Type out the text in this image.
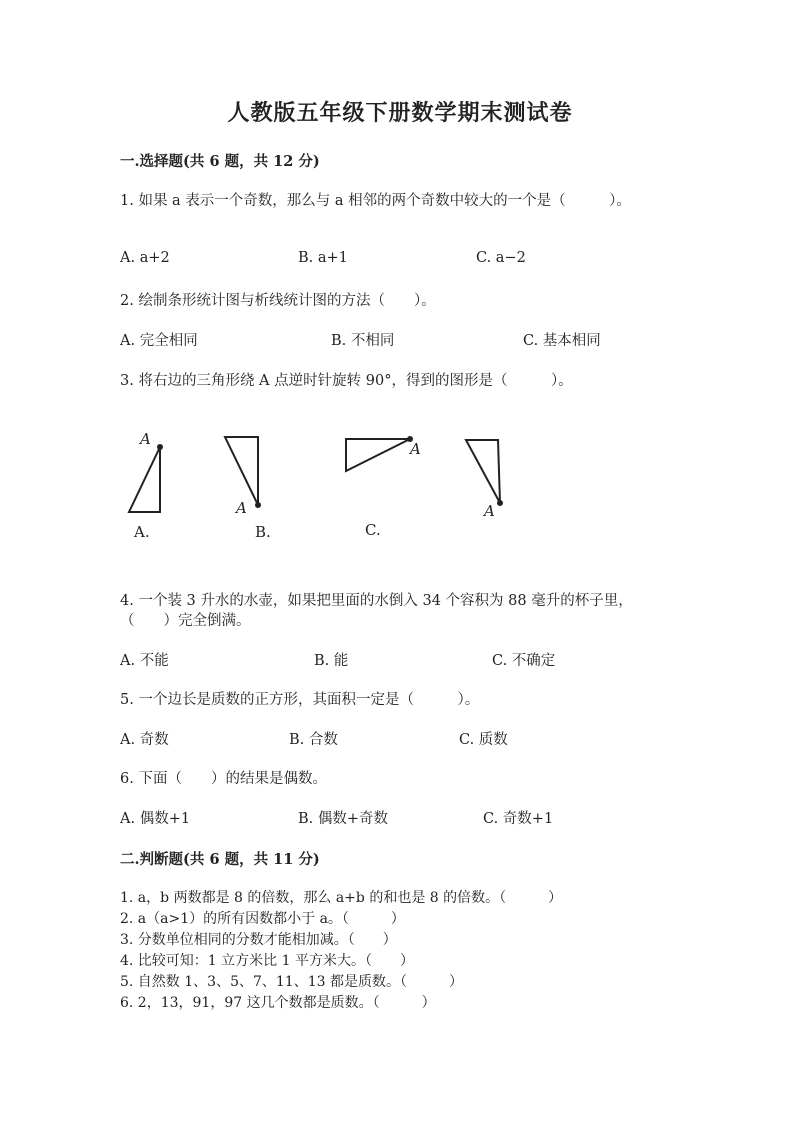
人教版五年级下册数学期末测试卷
一.选择题(共 6 题，共 12 分)
1. 如果 a 表示一个奇数，那么与 a 相邻的两个奇数中较大的一个是（　　　）。
A. a+2	B. a+1	C. a−2
2. 绘制条形统计图与析线统计图的方法（　　）。
A. 完全相同	B. 不相同	C. 基本相同
3. 将右边的三角形绕 A 点逆时针旋转 90°，得到的图形是（　　　）。
A
A
A
A
A.	B.	C.
4. 一个装 3 升水的水壶，如果把里面的水倒入 34 个容积为 88 毫升的杯子里，
（　　）完全倒满。
A. 不能	B. 能	C. 不确定
5. 一个边长是质数的正方形，其面积一定是（　　　）。
A. 奇数	B. 合数	C. 质数
6. 下面（　　）的结果是偶数。
A. 偶数+1	B. 偶数+奇数	C. 奇数+1
二.判断题(共 6 题，共 11 分)
1. a，b 两数都是 8 的倍数，那么 a+b 的和也是 8 的倍数。（　　　）
2. a（a>1）的所有因数都小于 a。（　　　）
3. 分数单位相同的分数才能相加减。（　　）
4. 比较可知：1 立方米比 1 平方米大。（　　）
5. 自然数 1、3、5、7、11、13 都是质数。（　　　）
6. 2，13，91，97 这几个数都是质数。（　　　）
